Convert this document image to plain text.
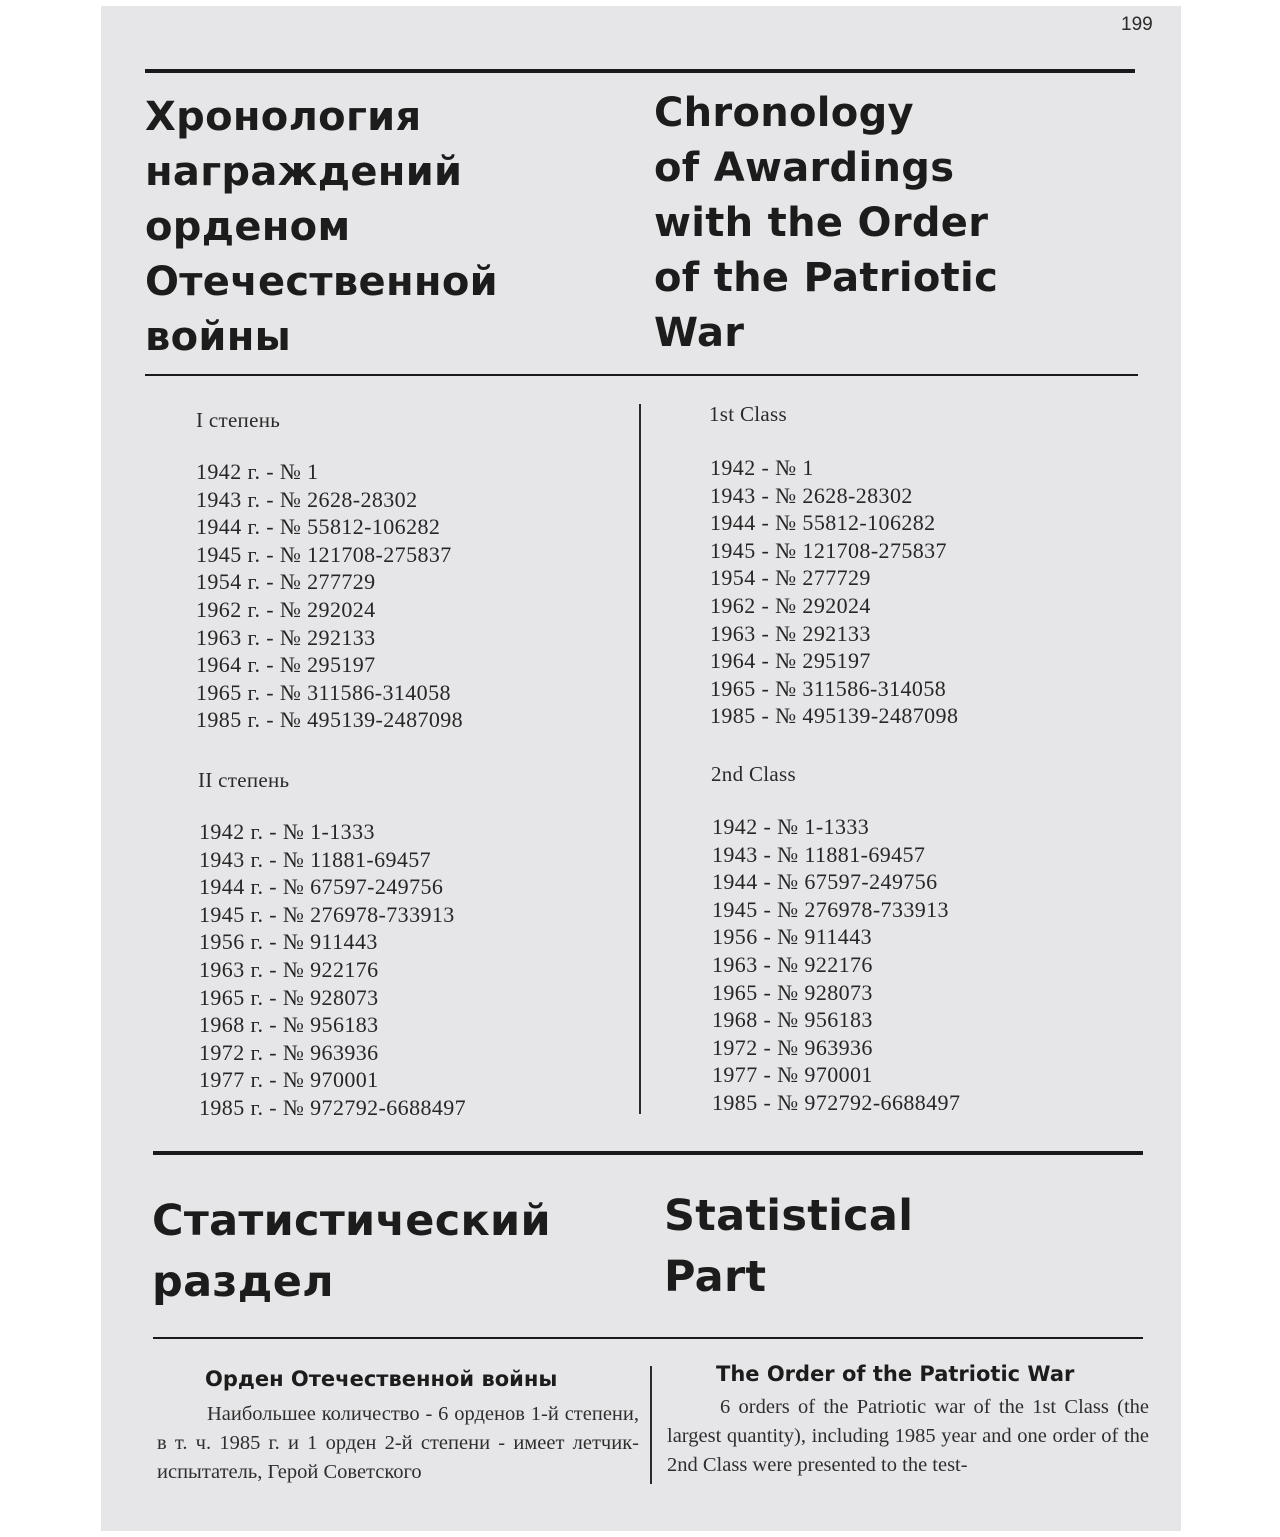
199
Хронология
награждений
орденом
Отечественной
войны
Chronology
of Awardings
with the Order
of the Patriotic
War
I степень
1942 г. - № 1
1943 г. - № 2628-28302
1944 г. - № 55812-106282
1945 г. - № 121708-275837
1954 г. - № 277729
1962 г. - № 292024
1963 г. - № 292133
1964 г. - № 295197
1965 г. - № 311586-314058
1985 г. - № 495139-2487098
II степень
1942 г. - № 1-1333
1943 г. - № 11881-69457
1944 г. - № 67597-249756
1945 г. - № 276978-733913
1956 г. - № 911443
1963 г. - № 922176
1965 г. - № 928073
1968 г. - № 956183
1972 г. - № 963936
1977 г. - № 970001
1985 г. - № 972792-6688497
1st Class
1942 - № 1
1943 - № 2628-28302
1944 - № 55812-106282
1945 - № 121708-275837
1954 - № 277729
1962 - № 292024
1963 - № 292133
1964 - № 295197
1965 - № 311586-314058
1985 - № 495139-2487098
2nd Class
1942 - № 1-1333
1943 - № 11881-69457
1944 - № 67597-249756
1945 - № 276978-733913
1956 - № 911443
1963 - № 922176
1965 - № 928073
1968 - № 956183
1972 - № 963936
1977 - № 970001
1985 - № 972792-6688497
Статистический
раздел
Statistical
Part
Орден Отечественной войны	The Order of the Patriotic War

Наибольшее количество - 6 орденов 1-й степени, в т. ч. 1985 г. и 1 орден 2-й степени - имеет летчик-испытатель, Герой Советского

6 orders of the Patriotic war of the 1st Class (the largest quantity), including 1985 year and one order of the 2nd Class were presented to the test-
